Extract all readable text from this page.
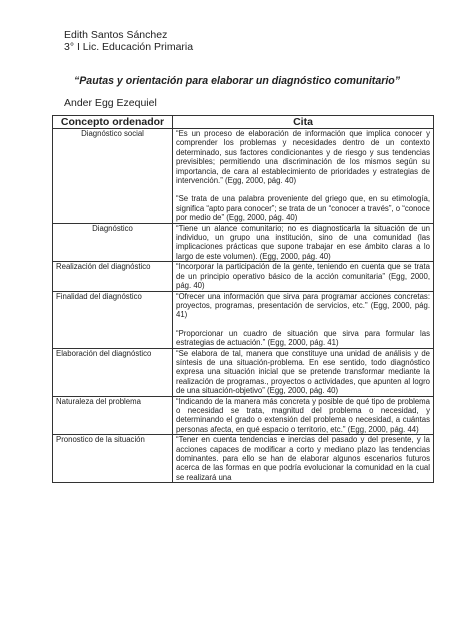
Edith Santos Sánchez
3° I Lic. Educación Primaria
“Pautas y orientación para elaborar un diagnóstico comunitario”
Ander Egg Ezequiel
Concepto ordenador	Cita
Diagnóstico social	“Es un proceso de elaboración de información que implica conocer y comprender los problemas y necesidades dentro de un contexto determinado, sus factores condicionantes y de riesgo y sus tendencias previsibles; permitiendo una discriminación de los mismos según su importancia, de cara al establecimiento de prioridades y estrategias de intervención.” (Egg, 2000, pág. 40)

“Se trata de una palabra proveniente del griego que, en su etimología, significa “apto para conocer”; se trata de un “conocer a través”, o “conoce por medio de” (Egg, 2000, pág. 40)

Diagnóstico	“Tiene un alance comunitario; no es diagnosticarla la situación de un individuo, un grupo una institución, sino de una comunidad (las implicaciones prácticas que supone trabajar en ese ámbito claras a lo largo de este volumen). (Egg, 2000, pág. 40)

Realización del diagnóstico	“Incorporar la participación de la gente, teniendo en cuenta que se trata de un principio operativo básico de la acción comunitaria” (Egg, 2000, pág. 40)

Finalidad del diagnóstico	“Ofrecer una información que sirva para programar acciones concretas: proyectos, programas, presentación de servicios, etc.” (Egg, 2000, pág. 41)

“Proporcionar un cuadro de situación que sirva para formular las estrategias de actuación.” (Egg, 2000, pág. 41)

Elaboración del diagnóstico	“Se elabora de tal, manera que constituye una unidad de análisis y de síntesis de una situación-problema. En ese sentido, todo diagnóstico expresa una situación inicial que se pretende transformar mediante la realización de programas., proyectos o actividades, que apunten al logro de una situación-objetivo” (Egg, 2000, pág. 40)

Naturaleza del problema	“Indicando de la manera más concreta y posible de qué tipo de problema o necesidad se trata, magnitud del problema o necesidad, y determinando el grado o extensión del problema o necesidad, a cuántas personas afecta, en qué espacio o territorio, etc.” (Egg, 2000, pág. 44)

Pronostico de la situación	“Tener en cuenta tendencias e inercias del pasado y del presente, y la acciones capaces de modificar a corto y mediano plazo las tendencias dominantes. para ello se han de elaborar algunos escenarios futuros acerca de las formas en que podría evolucionar la comunidad en la cual se realizará una
